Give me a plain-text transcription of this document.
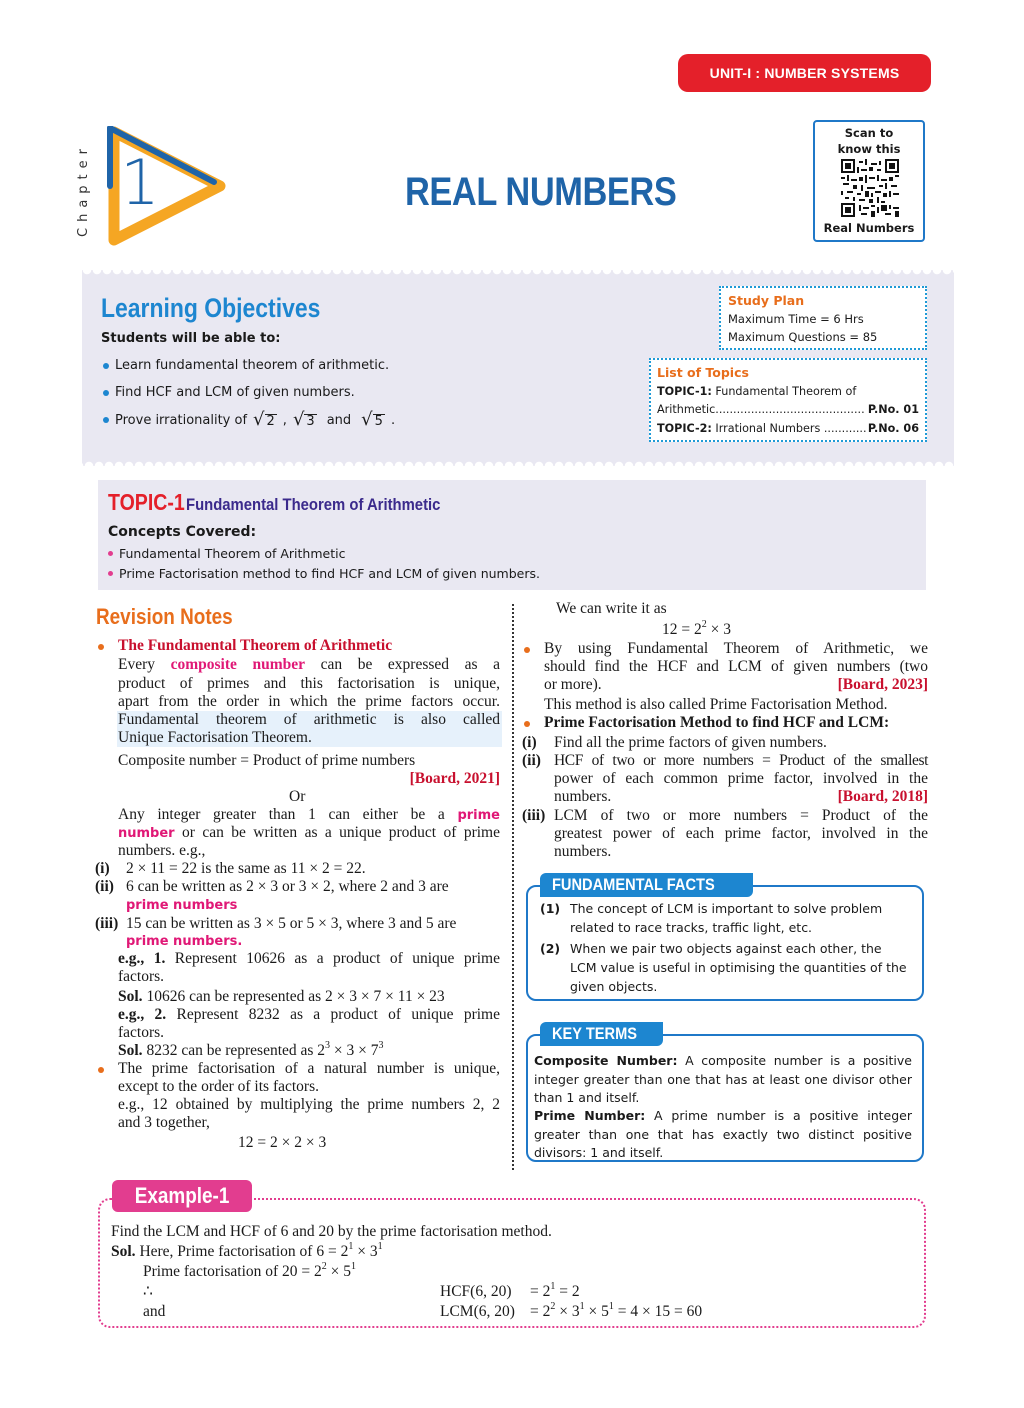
UNIT-I : NUMBER SYSTEMS
Chapter 1	REAL NUMBERS
Scan to know this
Real Numbers
Learning Objectives
Students will be able to:
Learn fundamental theorem of arithmetic.
Find HCF and LCM of given numbers.
Prove irrationality of √ 2 , √ 3 and √ 5 .
Study Plan
Maximum Time = 6 Hrs
Maximum Questions = 85
List of Topics
TOPIC-1: Fundamental Theorem of
Arithmetic.......................................... P.No. 01
TOPIC-2: Irrational Numbers ............ P.No. 06
TOPIC-1Fundamental Theorem of Arithmetic
Concepts Covered:
Fundamental Theorem of Arithmetic
Prime Factorisation method to find HCF and LCM of given numbers.
Revision Notes
The Fundamental Theorem of Arithmetic
Every composite number can be expressed as a
product of primes and this factorisation is unique,
apart from the order in which the prime factors occur.
Fundamental theorem of arithmetic is also called
Unique Factorisation Theorem.
Composite number = Product of prime numbers
[Board, 2021]
Or
Any integer greater than 1 can either be a prime
number or can be written as a unique product of prime
numbers. e.g.,
(i) 2 × 11 = 22 is the same as 11 × 2 = 22.
(ii) 6 can be written as 2 × 3 or 3 × 2, where 2 and 3 are
prime numbers
(iii) 15 can be written as 3 × 5 or 5 × 3, where 3 and 5 are
prime numbers.
e.g., 1. Represent 10626 as a product of unique prime
factors.
Sol. 10626 can be represented as 2 × 3 × 7 × 11 × 23
e.g., 2. Represent 8232 as a product of unique prime
factors.
Sol. 8232 can be represented as $2^3 \times 3 \times 7^3$
The prime factorisation of a natural number is unique,
except to the order of its factors.
e.g., 12 obtained by multiplying the prime numbers 2, 2
and 3 together,
12 = 2 × 2 × 3
We can write it as
$12 = 2^2 \times 3$
By using Fundamental Theorem of Arithmetic, we
should find the HCF and LCM of given numbers (two
or more).	[Board, 2023]
This method is also called Prime Factorisation Method.
Prime Factorisation Method to find HCF and LCM:
(i) Find all the prime factors of given numbers.
(ii) HCF of two or more numbers = Product of the smallest
power of each common prime factor, involved in the
numbers.	[Board, 2018]
(iii) LCM of two or more numbers = Product of the
greatest power of each prime factor, involved in the
numbers.
FUNDAMENTAL FACTS
(1) The concept of LCM is important to solve problem
related to race tracks, traffic light, etc.
(2) When we pair two objects against each other, the
LCM value is useful in optimising the quantities of the
given objects.
KEY TERMS
Composite Number: A composite number is a positive integer greater than one that has at least one divisor other than 1 and itself.
Prime Number: A prime number is a positive integer greater than one that has exactly two distinct positive divisors: 1 and itself.
Example-1
Find the LCM and HCF of 6 and 20 by the prime factorisation method.
Sol. Here, Prime factorisation of $6 = 2^1 \times 3^1$
Prime factorisation of $20 = 2^2 \times 5^1$
∴	HCF(6, $20) = 2^1 = 2$
and	LCM(6, $20) = 2^2 \times 3^1 \times 5^1 = 4 \times 15 = 60$
